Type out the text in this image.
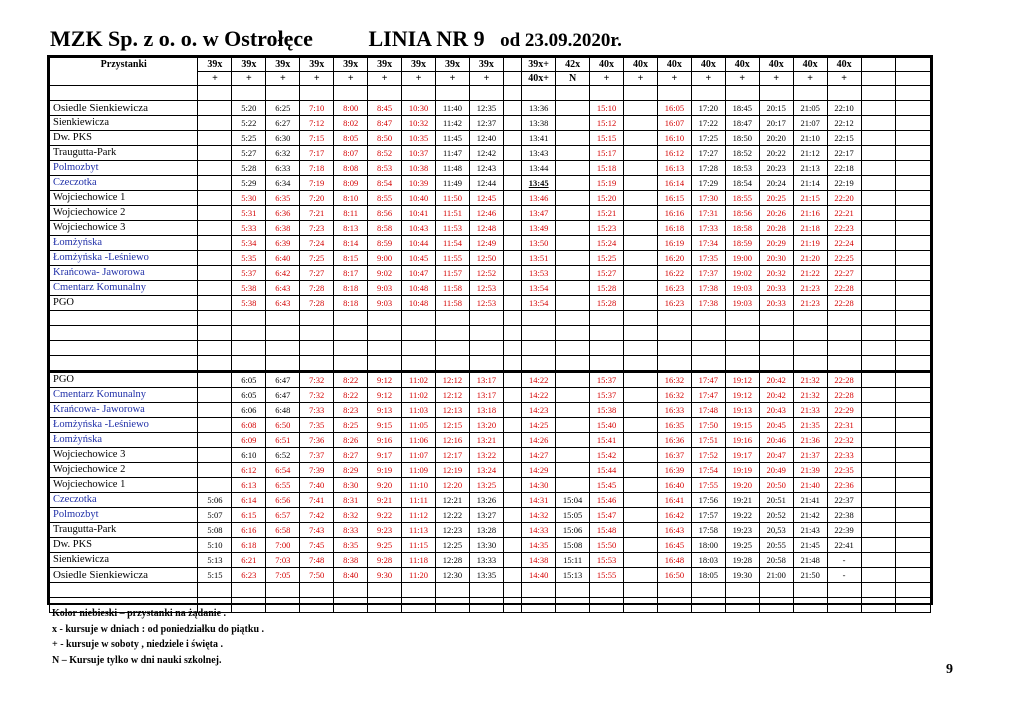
MZK Sp. z o. o. w Ostrołęce	LINIA NR 9 od 23.09.2020r.
Przystanki	39x	39x	39x	39x	39x	39x	39x	39x	39x		39x+	42x	40x	40x	40x	40x	40x	40x	40x	40x		
	+	+	+	+	+	+	+	+	+		40x+	N	+	+	+	+	+	+	+	+		

Osiedle Sienkiewicza		5:20	6:25	7:10	8:00	8:45	10:30	11:40	12:35		13:36		15:10		16:05	17:20	18:45	20:15	21:05	22:10		
Sienkiewicza		5:22	6:27	7:12	8:02	8:47	10:32	11:42	12:37		13:38		15:12		16:07	17:22	18:47	20:17	21:07	22:12		
Dw. PKS		5:25	6:30	7:15	8:05	8:50	10:35	11:45	12:40		13:41		15:15		16:10	17:25	18:50	20:20	21:10	22:15		
Traugutta-Park		5:27	6:32	7:17	8:07	8:52	10:37	11:47	12:42		13:43		15:17		16:12	17:27	18:52	20:22	21:12	22:17		
Polmozbyt		5:28	6:33	7:18	8:08	8:53	10:38	11:48	12:43		13:44		15:18		16:13	17:28	18:53	20:23	21:13	22:18		
Czeczotka		5:29	6:34	7:19	8:09	8:54	10:39	11:49	12:44		13:45		15:19		16:14	17:29	18:54	20:24	21:14	22:19		
Wojciechowice 1		5:30	6:35	7:20	8:10	8:55	10:40	11:50	12:45		13:46		15:20		16:15	17:30	18:55	20:25	21:15	22:20		
Wojciechowice 2		5:31	6:36	7:21	8:11	8:56	10:41	11:51	12:46		13:47		15:21		16:16	17:31	18:56	20:26	21:16	22:21		
Wojciechowice 3		5:33	6:38	7:23	8:13	8:58	10:43	11:53	12:48		13:49		15:23		16:18	17:33	18:58	20:28	21:18	22:23		
Łomżyńska		5:34	6:39	7:24	8:14	8:59	10:44	11:54	12:49		13:50		15:24		16:19	17:34	18:59	20:29	21:19	22:24		
Łomżyńska -Leśniewo		5:35	6:40	7:25	8:15	9:00	10:45	11:55	12:50		13:51		15:25		16:20	17:35	19:00	20:30	21:20	22:25		
Krańcowa- Jaworowa		5:37	6:42	7:27	8:17	9:02	10:47	11:57	12:52		13:53		15:27		16:22	17:37	19:02	20:32	21:22	22:27		
Cmentarz Komunalny		5:38	6:43	7:28	8:18	9:03	10:48	11:58	12:53		13:54		15:28		16:23	17:38	19:03	20:33	21:23	22:28		
PGO		5:38	6:43	7:28	8:18	9:03	10:48	11:58	12:53		13:54		15:28		16:23	17:38	19:03	20:33	21:23	22:28		

PGO		6:05	6:47	7:32	8:22	9:12	11:02	12:12	13:17		14:22		15:37		16:32	17:47	19:12	20:42	21:32	22:28		
Cmentarz Komunalny		6:05	6:47	7:32	8:22	9:12	11:02	12:12	13:17		14:22		15:37		16:32	17:47	19:12	20:42	21:32	22:28		
Krańcowa- Jaworowa		6:06	6:48	7:33	8:23	9:13	11:03	12:13	13:18		14:23		15:38		16:33	17:48	19:13	20:43	21:33	22:29		
Łomżyńska -Leśniewo		6:08	6:50	7:35	8:25	9:15	11:05	12:15	13:20		14:25		15:40		16:35	17:50	19:15	20:45	21:35	22:31		
Łomżyńska		6:09	6:51	7:36	8:26	9:16	11:06	12:16	13:21		14:26		15:41		16:36	17:51	19:16	20:46	21:36	22:32		
Wojciechowice 3		6:10	6:52	7:37	8:27	9:17	11:07	12:17	13:22		14:27		15:42		16:37	17:52	19:17	20:47	21:37	22:33		
Wojciechowice 2		6:12	6:54	7:39	8:29	9:19	11:09	12:19	13:24		14:29		15:44		16:39	17:54	19:19	20:49	21:39	22:35		
Wojciechowice 1		6:13	6:55	7:40	8:30	9:20	11:10	12:20	13:25		14:30		15:45		16:40	17:55	19:20	20:50	21:40	22:36		
Czeczotka	5:06	6:14	6:56	7:41	8:31	9:21	11:11	12:21	13:26		14:31	15:04	15:46		16:41	17:56	19:21	20:51	21:41	22:37		
Polmozbyt	5:07	6:15	6:57	7:42	8:32	9:22	11:12	12:22	13:27		14:32	15:05	15:47		16:42	17:57	19:22	20:52	21:42	22:38		
Traugutta-Park	5:08	6:16	6:58	7:43	8:33	9:23	11:13	12:23	13:28		14:33	15:06	15:48		16:43	17:58	19:23	20,53	21:43	22:39		
Dw. PKS	5:10	6:18	7:00	7:45	8:35	9:25	11:15	12:25	13:30		14:35	15:08	15:50		16:45	18:00	19:25	20:55	21:45	22:41		
Sienkiewicza	5:13	6:21	7:03	7:48	8:38	9:28	11:18	12:28	13:33		14:38	15:11	15:53		16:48	18:03	19:28	20:58	21:48	-		
Osiedle Sienkiewicza	5:15	6:23	7:05	7:50	8:40	9:30	11:20	12:30	13:35		14:40	15:13	15:55		16:50	18:05	19:30	21:00	21:50	-		

Kolor niebieski – przystanki na żądanie .
x - kursuje w dniach : od poniedziałku do piątku .
+ - kursuje w soboty , niedziele i święta .
N – Kursuje tylko w dni nauki szkolnej.
9
